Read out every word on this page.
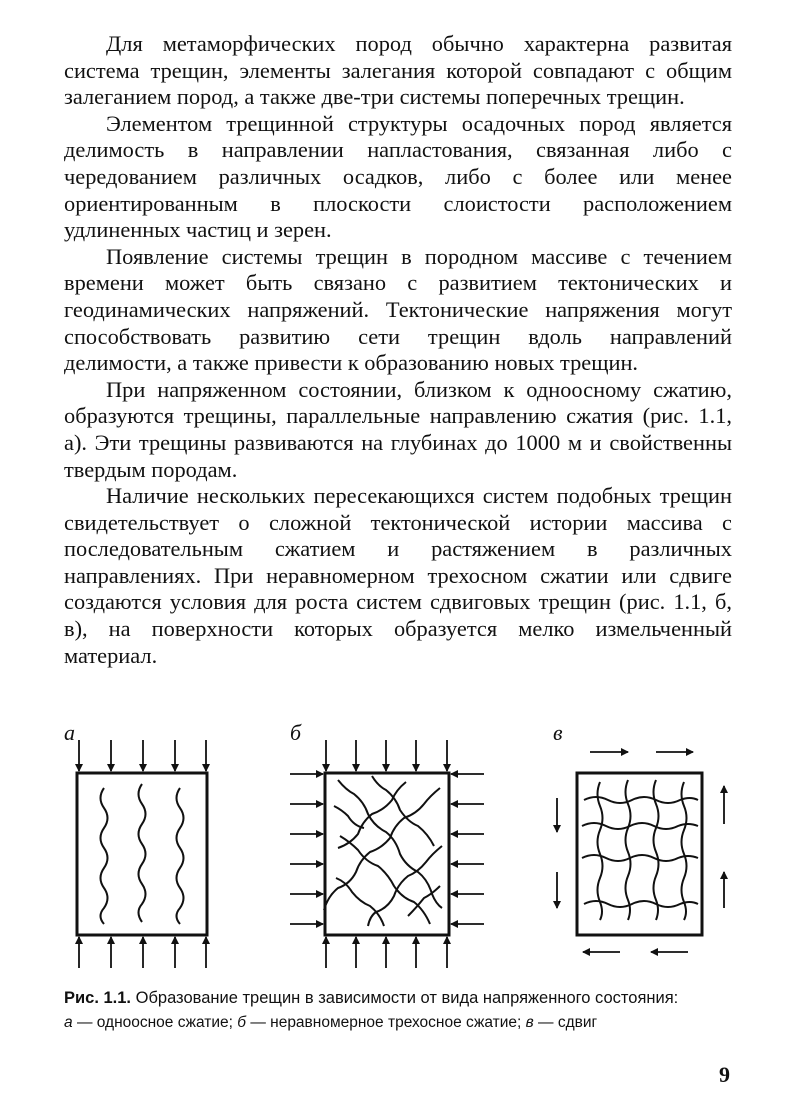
Для метаморфических пород обычно характерна развитая система трещин, элементы залегания которой совпадают с общим залеганием пород, а также две-три системы поперечных трещин.

Элементом трещинной структуры осадочных пород является делимость в направлении напластования, связанная либо с чередованием различных осадков, либо с более или менее ориентированным в плоскости слоистости расположением удлиненных частиц и зерен.

Появление системы трещин в породном массиве с течением времени может быть связано с развитием тектонических и геодинамических напряжений. Тектонические напряжения могут способствовать развитию сети трещин вдоль направлений делимости, а также привести к образованию новых трещин.

При напряженном состоянии, близком к одноосному сжатию, образуются трещины, параллельные направлению сжатия (рис. 1.1, а). Эти трещины развиваются на глубинах до 1000 м и свойственны твердым породам.

Наличие нескольких пересекающихся систем подобных трещин свидетельствует о сложной тектонической истории массива с последовательным сжатием и растяжением в различных направлениях. При неравномерном трехосном сжатии или сдвиге создаются условия для роста систем сдвиговых трещин (рис. 1.1, б, в), на поверхности которых образуется мелко измельченный материал.

а	б	в

Рис. 1.1. Образование трещин в зависимости от вида напряженного состояния:

а — одноосное сжатие; б — неравномерное трехосное сжатие; в — сдвиг

9
